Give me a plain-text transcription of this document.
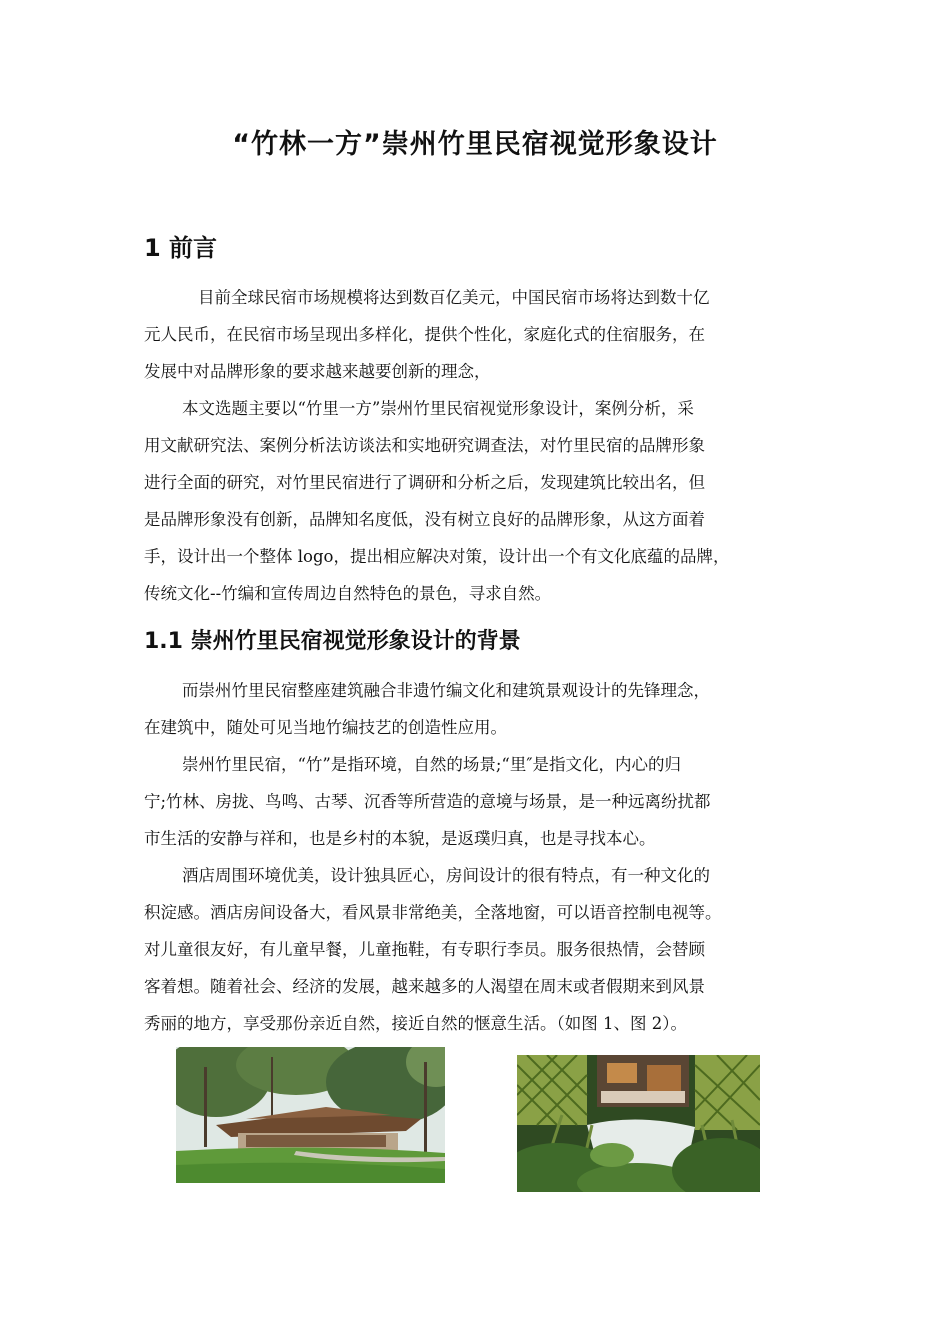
“竹林一方”崇州竹里民宿视觉形象设计
1 前言
目前全球民宿市场规模将达到数百亿美元，中国民宿市场将达到数十亿
元人民币，在民宿市场呈现出多样化，提供个性化，家庭化式的住宿服务，在
发展中对品牌形象的要求越来越要创新的理念，
本文选题主要以“竹里一方”崇州竹里民宿视觉形象设计，案例分析，采
用文献研究法、案例分析法访谈法和实地研究调查法，对竹里民宿的品牌形象
进行全面的研究，对竹里民宿进行了调研和分析之后，发现建筑比较出名，但
是品牌形象没有创新，品牌知名度低，没有树立良好的品牌形象，从这方面着
手，设计出一个整体 logo，提出相应解决对策，设计出一个有文化底蕴的品牌，
传统文化--竹编和宣传周边自然特色的景色，寻求自然。
1.1 崇州竹里民宿视觉形象设计的背景
而崇州竹里民宿整座建筑融合非遗竹编文化和建筑景观设计的先锋理念，
在建筑中，随处可见当地竹编技艺的创造性应用。
崇州竹里民宿，“竹”是指环境，自然的场景;“里″是指文化，内心的归
宁;竹林、房拢、鸟鸣、古琴、沉香等所营造的意境与场景，是一种远离纷扰都
市生活的安静与祥和，也是乡村的本貌，是返璞归真，也是寻找本心。
酒店周围环境优美，设计独具匠心，房间设计的很有特点，有一种文化的
积淀感。酒店房间设备大，看风景非常绝美，全落地窗，可以语音控制电视等。
对儿童很友好，有儿童早餐，儿童拖鞋，有专职行李员。服务很热情，会替顾
客着想。随着社会、经济的发展，越来越多的人渴望在周末或者假期来到风景
秀丽的地方，享受那份亲近自然，接近自然的惬意生活。（如图 1、图 2）。
